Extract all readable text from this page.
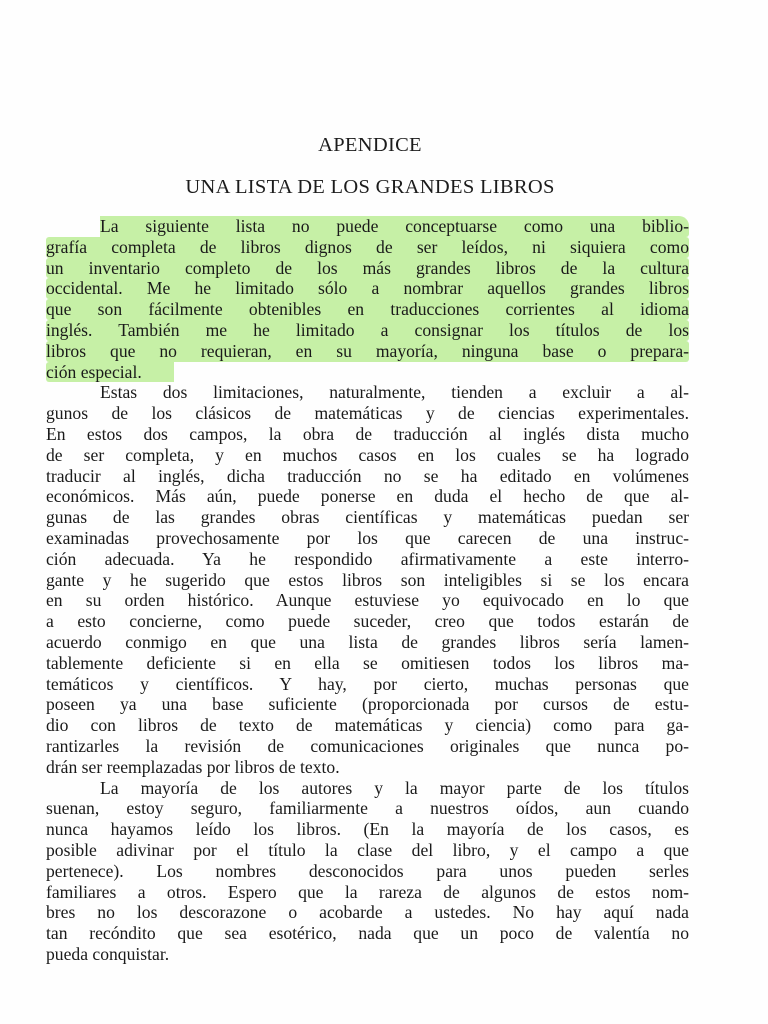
APENDICE
UNA LISTA DE LOS GRANDES LIBROS
La siguiente lista no puede conceptuarse como una biblio-
grafía completa de libros dignos de ser leídos, ni siquiera como
un inventario completo de los más grandes libros de la cultura
occidental. Me he limitado sólo a nombrar aquellos grandes libros
que son fácilmente obtenibles en traducciones corrientes al idioma
inglés. También me he limitado a consignar los títulos de los
libros que no requieran, en su mayoría, ninguna base o prepara-
ción especial.
Estas dos limitaciones, naturalmente, tienden a excluir a al-
gunos de los clásicos de matemáticas y de ciencias experimentales.
En estos dos campos, la obra de traducción al inglés dista mucho
de ser completa, y en muchos casos en los cuales se ha logrado
traducir al inglés, dicha traducción no se ha editado en volúmenes
económicos. Más aún, puede ponerse en duda el hecho de que al-
gunas de las grandes obras científicas y matemáticas puedan ser
examinadas provechosamente por los que carecen de una instruc-
ción adecuada. Ya he respondido afirmativamente a este interro-
gante y he sugerido que estos libros son inteligibles si se los encara
en su orden histórico. Aunque estuviese yo equivocado en lo que
a esto concierne, como puede suceder, creo que todos estarán de
acuerdo conmigo en que una lista de grandes libros sería lamen-
tablemente deficiente si en ella se omitiesen todos los libros ma-
temáticos y científicos. Y hay, por cierto, muchas personas que
poseen ya una base suficiente (proporcionada por cursos de estu-
dio con libros de texto de matemáticas y ciencia) como para ga-
rantizarles la revisión de comunicaciones originales que nunca po-
drán ser reemplazadas por libros de texto.
La mayoría de los autores y la mayor parte de los títulos
suenan, estoy seguro, familiarmente a nuestros oídos, aun cuando
nunca hayamos leído los libros. (En la mayoría de los casos, es
posible adivinar por el título la clase del libro, y el campo a que
pertenece). Los nombres desconocidos para unos pueden serles
familiares a otros. Espero que la rareza de algunos de estos nom-
bres no los descorazone o acobarde a ustedes. No hay aquí nada
tan recóndito que sea esotérico, nada que un poco de valentía no
pueda conquistar.
